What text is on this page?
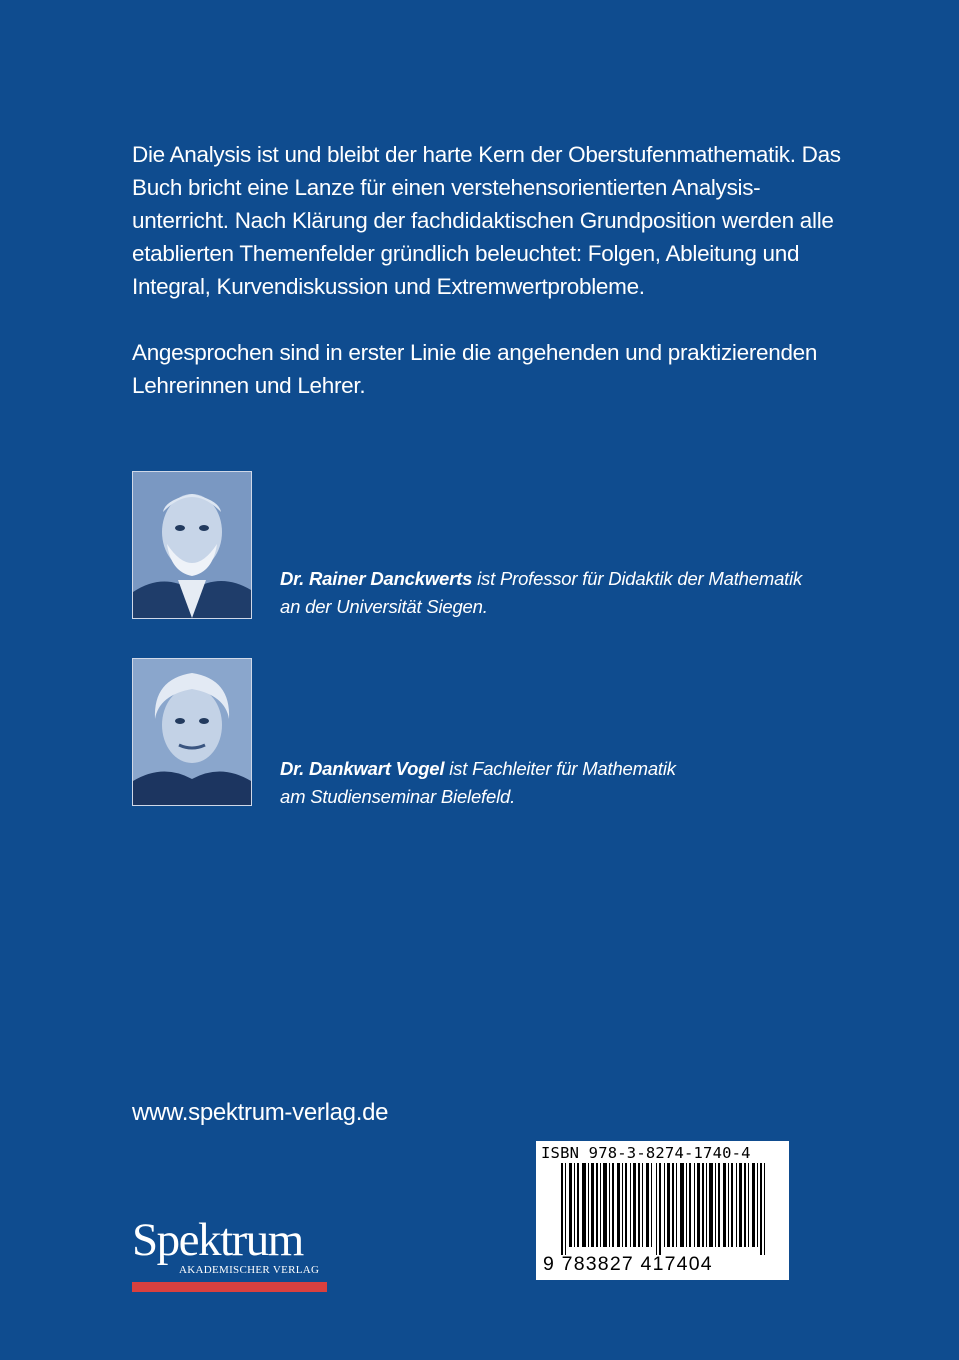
Die Analysis ist und bleibt der harte Kern der Oberstufenmathematik. Das Buch bricht eine Lanze für einen verstehensorientierten Analysis-unterricht. Nach Klärung der fachdidaktischen Grundposition werden alle etablierten Themenfelder gründlich beleuchtet: Folgen, Ableitung und Integral, Kurvendiskussion und Extremwertprobleme.

Angesprochen sind in erster Linie die angehenden und praktizierenden Lehrerinnen und Lehrer.

Dr. Rainer Danckwerts ist Professor für Didaktik der Mathematik
an der Universität Siegen.

Dr. Dankwart Vogel ist Fachleiter für Mathematik
am Studienseminar Bielefeld.

www.spektrum-verlag.de
ISBN 978-3-8274-1740-4
9 783827 417404
Spektrum
AKADEMISCHER VERLAG
